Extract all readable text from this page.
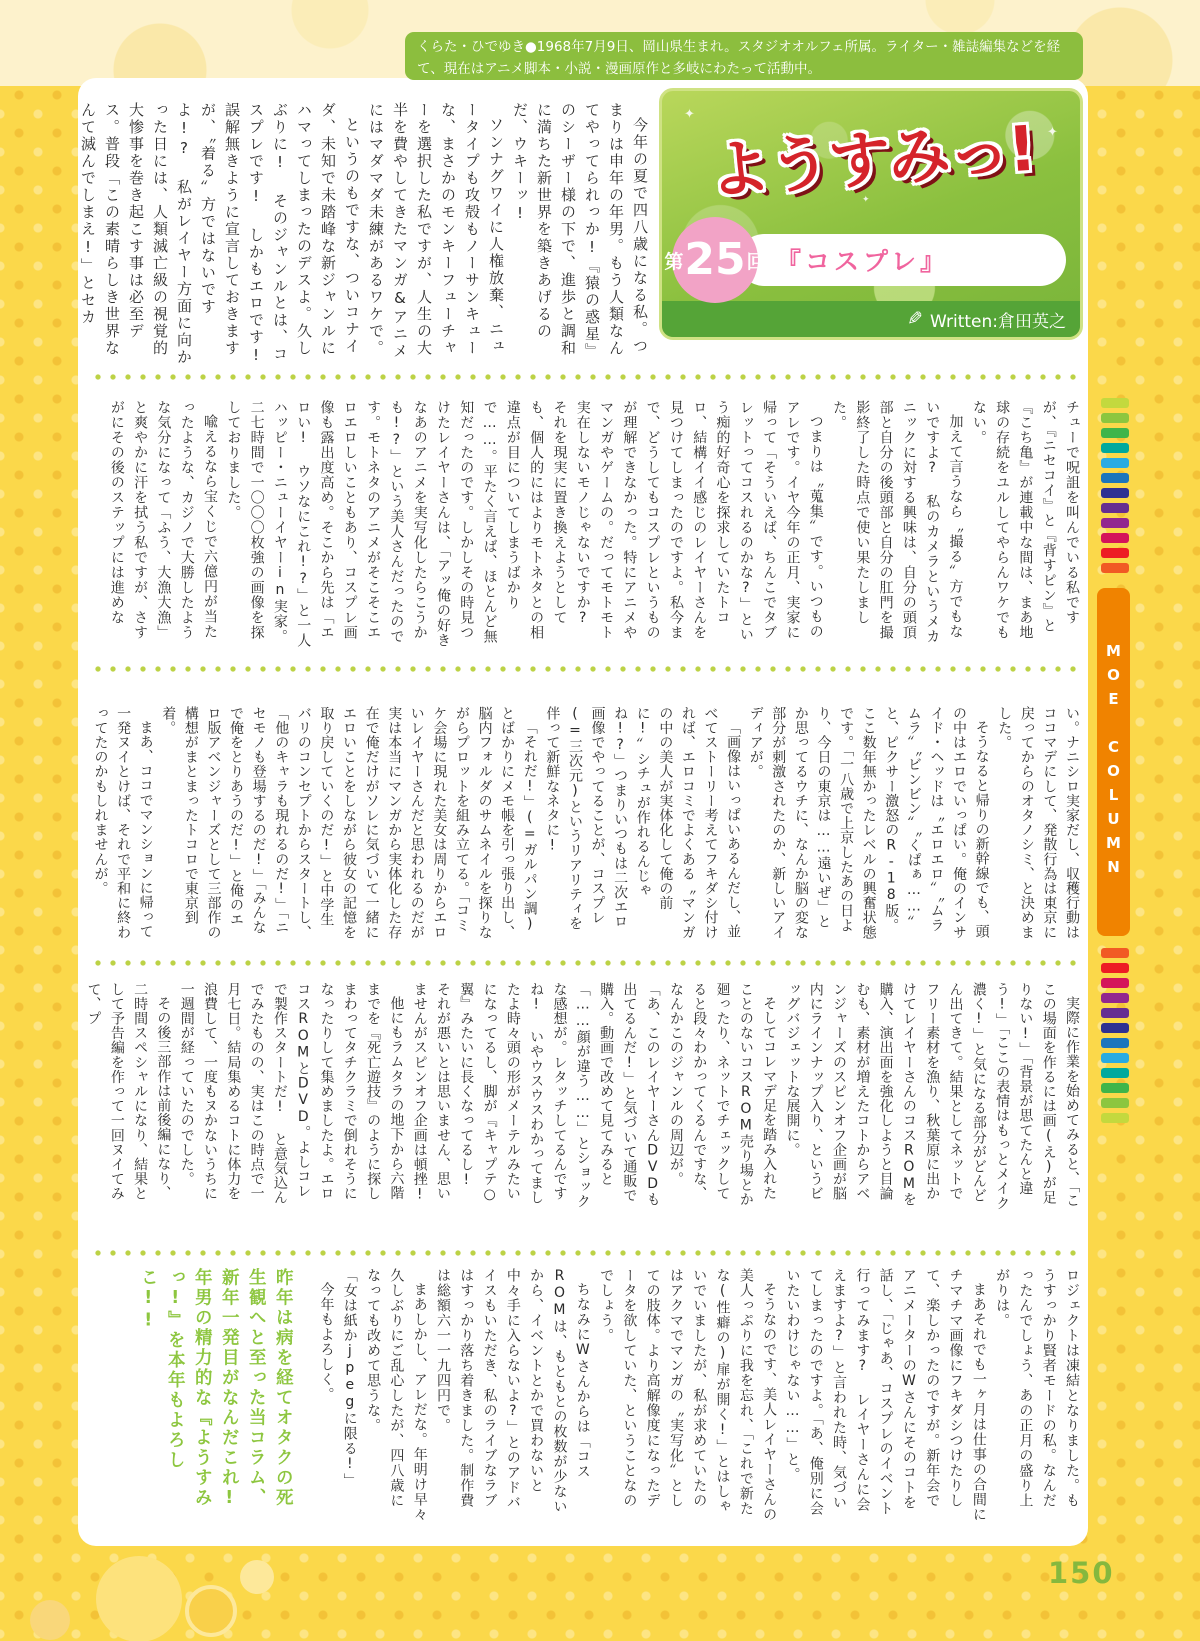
くらた・ひでゆき●1968年7月9日、岡山県生まれ。スタジオオルフェ所属。ライター・雑誌編集などを経て、現在はアニメ脚本・小説・漫画原作と多岐にわたって活動中。
✦
✦
✦
ようすみっ!
第 25 回 『コスプレ』
✎
Written:倉田英之

今年の夏で四八歳になる私。つまりは申年の年男。もう人類なんてやってられっか!『猿の惑星』のシーザー様の下で、進歩と調和に満ちた新世界を築きあげるのだ、ウキーッ!

ソンナグワイに人権放棄、ニュータイプも攻殻もノーサンキューな、まさかのモンキーフューチャーを選択した私ですが、人生の大半を費やしてきたマンガ&アニメにはマダマダ未練があるワケで。

というのもですな、ついコナイダ、未知で未踏峰な新ジャンルにハマってしまったのデスよ。久しぶりに! そのジャンルとは、コスプレです! しかもエロです! 誤解無きように宣言しておきますが、〝着る〟方ではないですよ!? 私がレイヤー方面に向かった日には、人類滅亡級の視覚的大惨事を巻き起こす事は必至デス。普段「この素晴らしき世界なんて滅んでしまえ!」とセカ

チューで呪詛を叫んでいる私ですが、『ニセコイ』と『背すピン』と『こち亀』が連載中な間は、まあ地球の存続をユルしてやらんワケでもない。

加えて言うなら〝撮る〟方でもないですよ? 私のカメラというメカニックに対する興味は、自分の頭頂部と自分の後頭部と自分の肛門を撮影終了した時点で使い果たしました。

つまりは〝蒐集〟です。いつものアレです。イヤ今年の正月、実家に帰って「そういえば、ちんこでタブレットってコスれるのかな?」という痴的好奇心を探求していたトコロ、結構イイ感じのレイヤーさんを見つけてしまったのですよ。私今まで、どうしてもコスプレというものが理解できなかった。特にアニメやマンガやゲームの。だってモトモト実在しないモノじゃないですか? それを現実に置き換えようとしても、個人的にはよりモトネタとの相違点が目についてしまうばかりで……。平たく言えば、ほとんど無知だったのです。しかしその時見つけたレイヤーさんは、「アッ俺の好きなあのアニメを実写化したらこうかも!?」という美人さんだったのです。モトネタのアニメがそこそこエロエロしいこともあり、コスプレ画像も露出度高め。そこから先は「エロい! ウソなにこれ!?」と一人ハッピー・ニューイヤーin実家。二七時間で一〇〇〇枚強の画像を探しておりました。

喩えるなら宝くじで六億円が当たったような、カジノで大勝したような気分になって「ふう、大漁大漁」と爽やかに汗を拭う私ですが、さすがにその後のステップには進めな

い。ナニシロ実家だし、収穫行動はココマデにして、発散行為は東京に戻ってからのオタノシミ、と決めました。

そうなると帰りの新幹線でも、頭の中はエロでいっぱい。俺のインサイド・ヘッドは〝エロエロ〟〝ムラムラ〟〝ビンビン〟〝くぱぁ……〟と、ピクサー激怒のR-18版。ここ数年無かったレベルの興奮状態です。「一八歳で上京したあの日より、今日の東京は……遠いぜ」とか思ってるウチに、なんか脳の変な部分が刺激されたのか、新しいアイディアが。

「画像はいっぱいあるんだし、並べてストーリー考えてフキダシ付ければ、エロコミでよくある〝マンガの中の美人が実体化して俺の前に!〟シチュが作れるんじゃね!?」つまりいつもは二次エロ画像でやってることが、コスプレ(=三次元)というリアリティを伴って新鮮なネタに!

「それだ!」(=ガルパン調)とばかりにメモ帳を引っ張り出し、脳内フォルダのサムネイルを探りながらプロットを組み立てる。「コミケ会場に現れた美女は周りからエロいレイヤーさんだと思われるのだが実は本当にマンガから実体化した存在で俺だけがソレに気づいて一緒にエロいことをしながら彼女の記憶を取り戻していくのだ!」と中学生バリのコンセプトからスタートし、「他のキャラも現れるのだ!」「ニセモノも登場するのだ!」「みんなで俺をとりあうのだ!」と俺のエロ版アベンジャーズとして三部作の構想がまとまったトコロで東京到着。

まあ、ココでマンションに帰って一発ヌイとけば、それで平和に終わってたのかもしれませんが。

実際に作業を始めてみると、「ここの場面を作るには画(え)が足りない!」「背景が思てたんと違う!」「ここの表情はもっとメイク濃く!」と気になる部分がどんどん出てきて。結果としてネットでフリー素材を漁り、秋葉原に出かけてレイヤーさんのコスROMを購入、演出面を強化しようと目論むも、素材が増えたコトからアベンジャーズのスピンオフ企画が脳内にラインナップ入り、というビッグバジェットな展開に。

そしてコレマデ足を踏み入れたことのないコスROM売り場とか廻ったり、ネットでチェックしてると段々わかってくるんですな、なんかこのジャンルの周辺が。「あ、このレイヤーさんDVDも出てるんだ!」と気づいて通販で購入。動画で改めて見てみると「……顔が違う……」とショックな感想が。レタッチしてるんですね! いやウスウスわかってましたよ時々頭の形がメーテルみたいになってるし、脚が『キャプテ○翼』みたいに長くなってるし! それが悪いとは思いません、思いませんがスピンオフ企画は頓挫!

他にもラムタラの地下から六階までを『死亡遊技』のように探しまわってタチクラミで倒れそうになったりして集めましたよ。エロコスROMとDVD。よしコレで製作スタートだ! と意気込んでみたものの、実はこの時点で一月七日。結局集めるコトに体力を浪費して、一度もヌかないうちに一週間が経っていたのでした。

その後三部作は前後編になり、二時間スペシャルになり、結果として予告編を作って一回ヌイてみて、プ

ロジェクトは凍結となりました。もうすっかり賢者モードの私。なんだったんでしょう、あの正月の盛り上がりは。

まあそれでも一ヶ月は仕事の合間にチマチマ画像にフキダシつけたりして、楽しかったのですが。新年会でアニメーターのWさんにそのコトを話し、「じゃあ、コスプレのイベント行ってみます? レイヤーさんに会えますよ?」と言われた時、気づいてしまったのですよ。「あ、俺別に会いたいわけじゃない……」と。

そうなのです、美人レイヤーさんの美人っぷりに我を忘れ、「これで新たな(性癖の)扉が開く!」とはしゃいでいましたが、私が求めていたのはアクマでマンガの〝実写化〟としての肢体。より高解像度になったデータを欲していた、ということなのでしょう。

ちなみにWさんからは「コスROMは、もともとの枚数が少ないから、イベントとかで買わないと中々手に入らないよ?」とのアドバイスもいただき、私のライブなラブはすっかり落ち着きました。制作費は総額六一一九四円で。

まあしかし、アレだな。年明け早々久しぶりにご乱心したが、四八歳になっても改めて思うな。

「女は紙かjpegに限る!」

今年もよろしく。

昨年は病を経てオタクの死生観へと至った当コラム、新年一発目がなんだこれ! 年男の精力的な『ようすみっ!』を本年もよろしこ!!

MOE COLUMN

150
